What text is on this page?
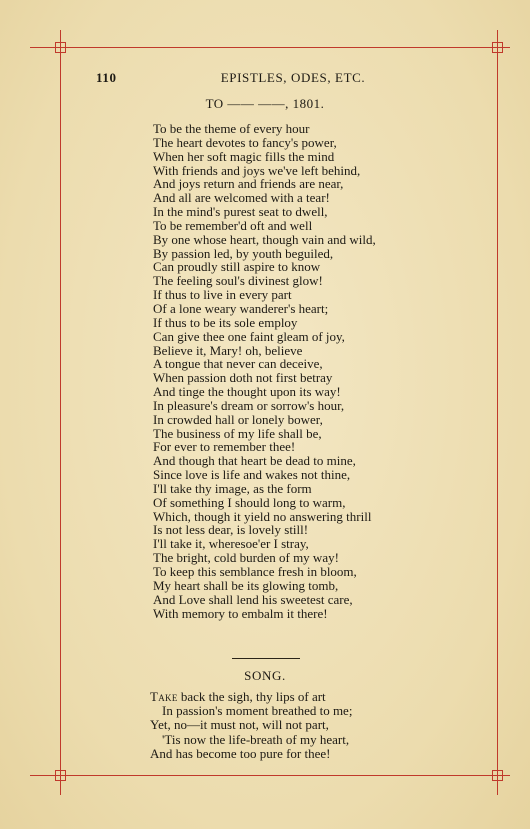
110	EPISTLES, ODES, ETC.
TO —— ——, 1801.
To be the theme of every hour
The heart devotes to fancy's power,
When her soft magic fills the mind
With friends and joys we've left behind,
And joys return and friends are near,
And all are welcomed with a tear!
In the mind's purest seat to dwell,
To be remember'd oft and well
By one whose heart, though vain and wild,
By passion led, by youth beguiled,
Can proudly still aspire to know
The feeling soul's divinest glow!
If thus to live in every part
Of a lone weary wanderer's heart;
If thus to be its sole employ
Can give thee one faint gleam of joy,
Believe it, Mary! oh, believe
A tongue that never can deceive,
When passion doth not first betray
And tinge the thought upon its way!
In pleasure's dream or sorrow's hour,
In crowded hall or lonely bower,
The business of my life shall be,
For ever to remember thee!
And though that heart be dead to mine,
Since love is life and wakes not thine,
I'll take thy image, as the form
Of something I should long to warm,
Which, though it yield no answering thrill
Is not less dear, is lovely still!
I'll take it, wheresoe'er I stray,
The bright, cold burden of my way!
To keep this semblance fresh in bloom,
My heart shall be its glowing tomb,
And Love shall lend his sweetest care,
With memory to embalm it there!
SONG.
Take back the sigh, thy lips of art
In passion's moment breathed to me;
Yet, no—it must not, will not part,
'Tis now the life-breath of my heart,
And has become too pure for thee!
